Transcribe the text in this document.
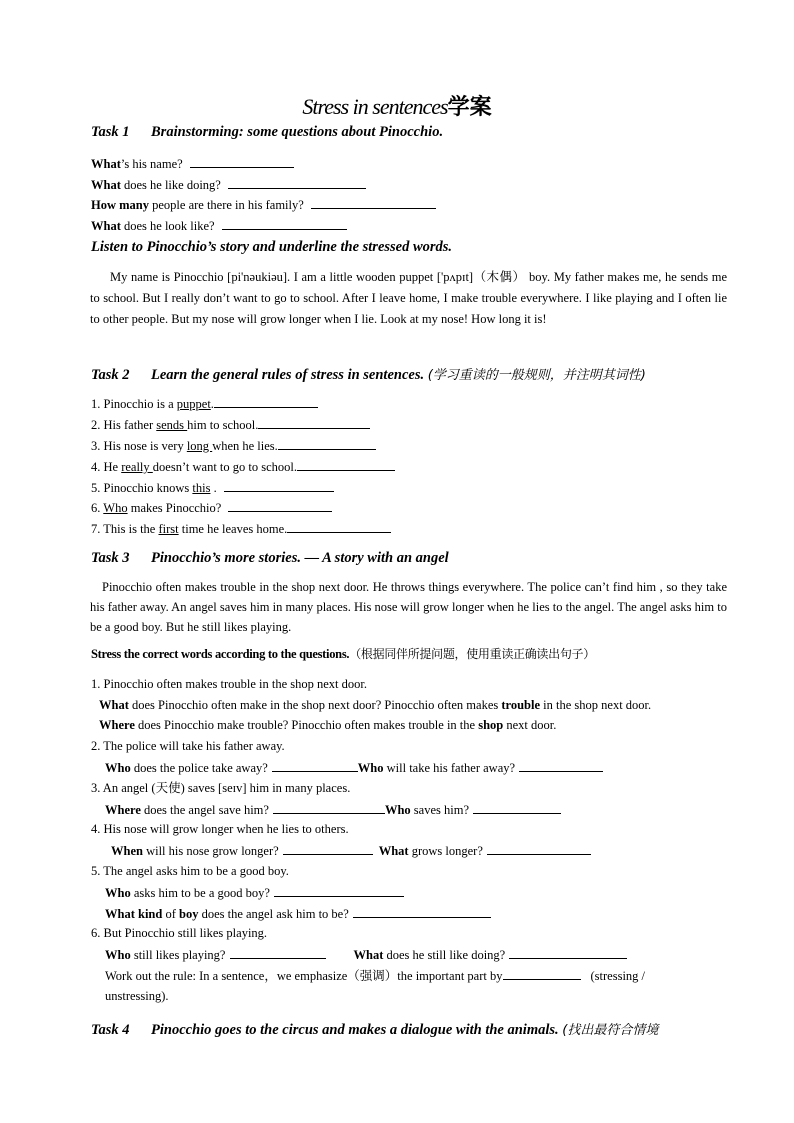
Stress in sentences学案
Task 1 Brainstorming: some questions about Pinocchio.
What’s his name?
What does he like doing?
How many people are there in his family?
What does he look like?
Listen to Pinocchio’s story and underline the stressed words.
My name is Pinocchio [pi'nəukiəu]. I am a little wooden puppet ['pʌpɪt]（木偶） boy. My father makes me, he sends me to school. But I really don’t want to go to school. After I leave home, I make trouble everywhere. I like playing and I often lie to other people. But my nose will grow longer when I lie. Look at my nose! How long it is!
Task 2 Learn the general rules of stress in sentences. (学习重读的一般规则，并注明其词性)
1. Pinocchio is a puppet.
2. His father sends him to school.
3. His nose is very long when he lies.
4. He really doesn’t want to go to school.
5. Pinocchio knows this .
6. Who makes Pinocchio?
7. This is the first time he leaves home.
Task 3 Pinocchio’s more stories. — A story with an angel
Pinocchio often makes trouble in the shop next door. He throws things everywhere. The police can’t find him , so they take his father away. An angel saves him in many places. His nose will grow longer when he lies to the angel. The angel asks him to be a good boy. But he still likes playing.
Stress the correct words according to the questions.（根据同伴所提问题，使用重读正确读出句子）
1. Pinocchio often makes trouble in the shop next door.
What does Pinocchio often make in the shop next door? Pinocchio often makes trouble in the shop next door.
Where does Pinocchio make trouble? Pinocchio often makes trouble in the shop next door.
2. The police will take his father away.
Who does the police take away?	Who will take his father away?
3. An angel (天使) saves [seɪv] him in many places.
Where does the angel save him?	Who saves him?
4. His nose will grow longer when he lies to others.
When will his nose grow longer?	What grows longer?
5. The angel asks him to be a good boy.
Who asks him to be a good boy?
What kind of boy does the angel ask him to be?
6. But Pinocchio still likes playing.
Who still likes playing?	What does he still like doing?
Work out the rule: In a sentence，we emphasize（强调）the important part by	(stressing /
unstressing).
Task 4 Pinocchio goes to the circus and makes a dialogue with the animals. (找出最符合情境
